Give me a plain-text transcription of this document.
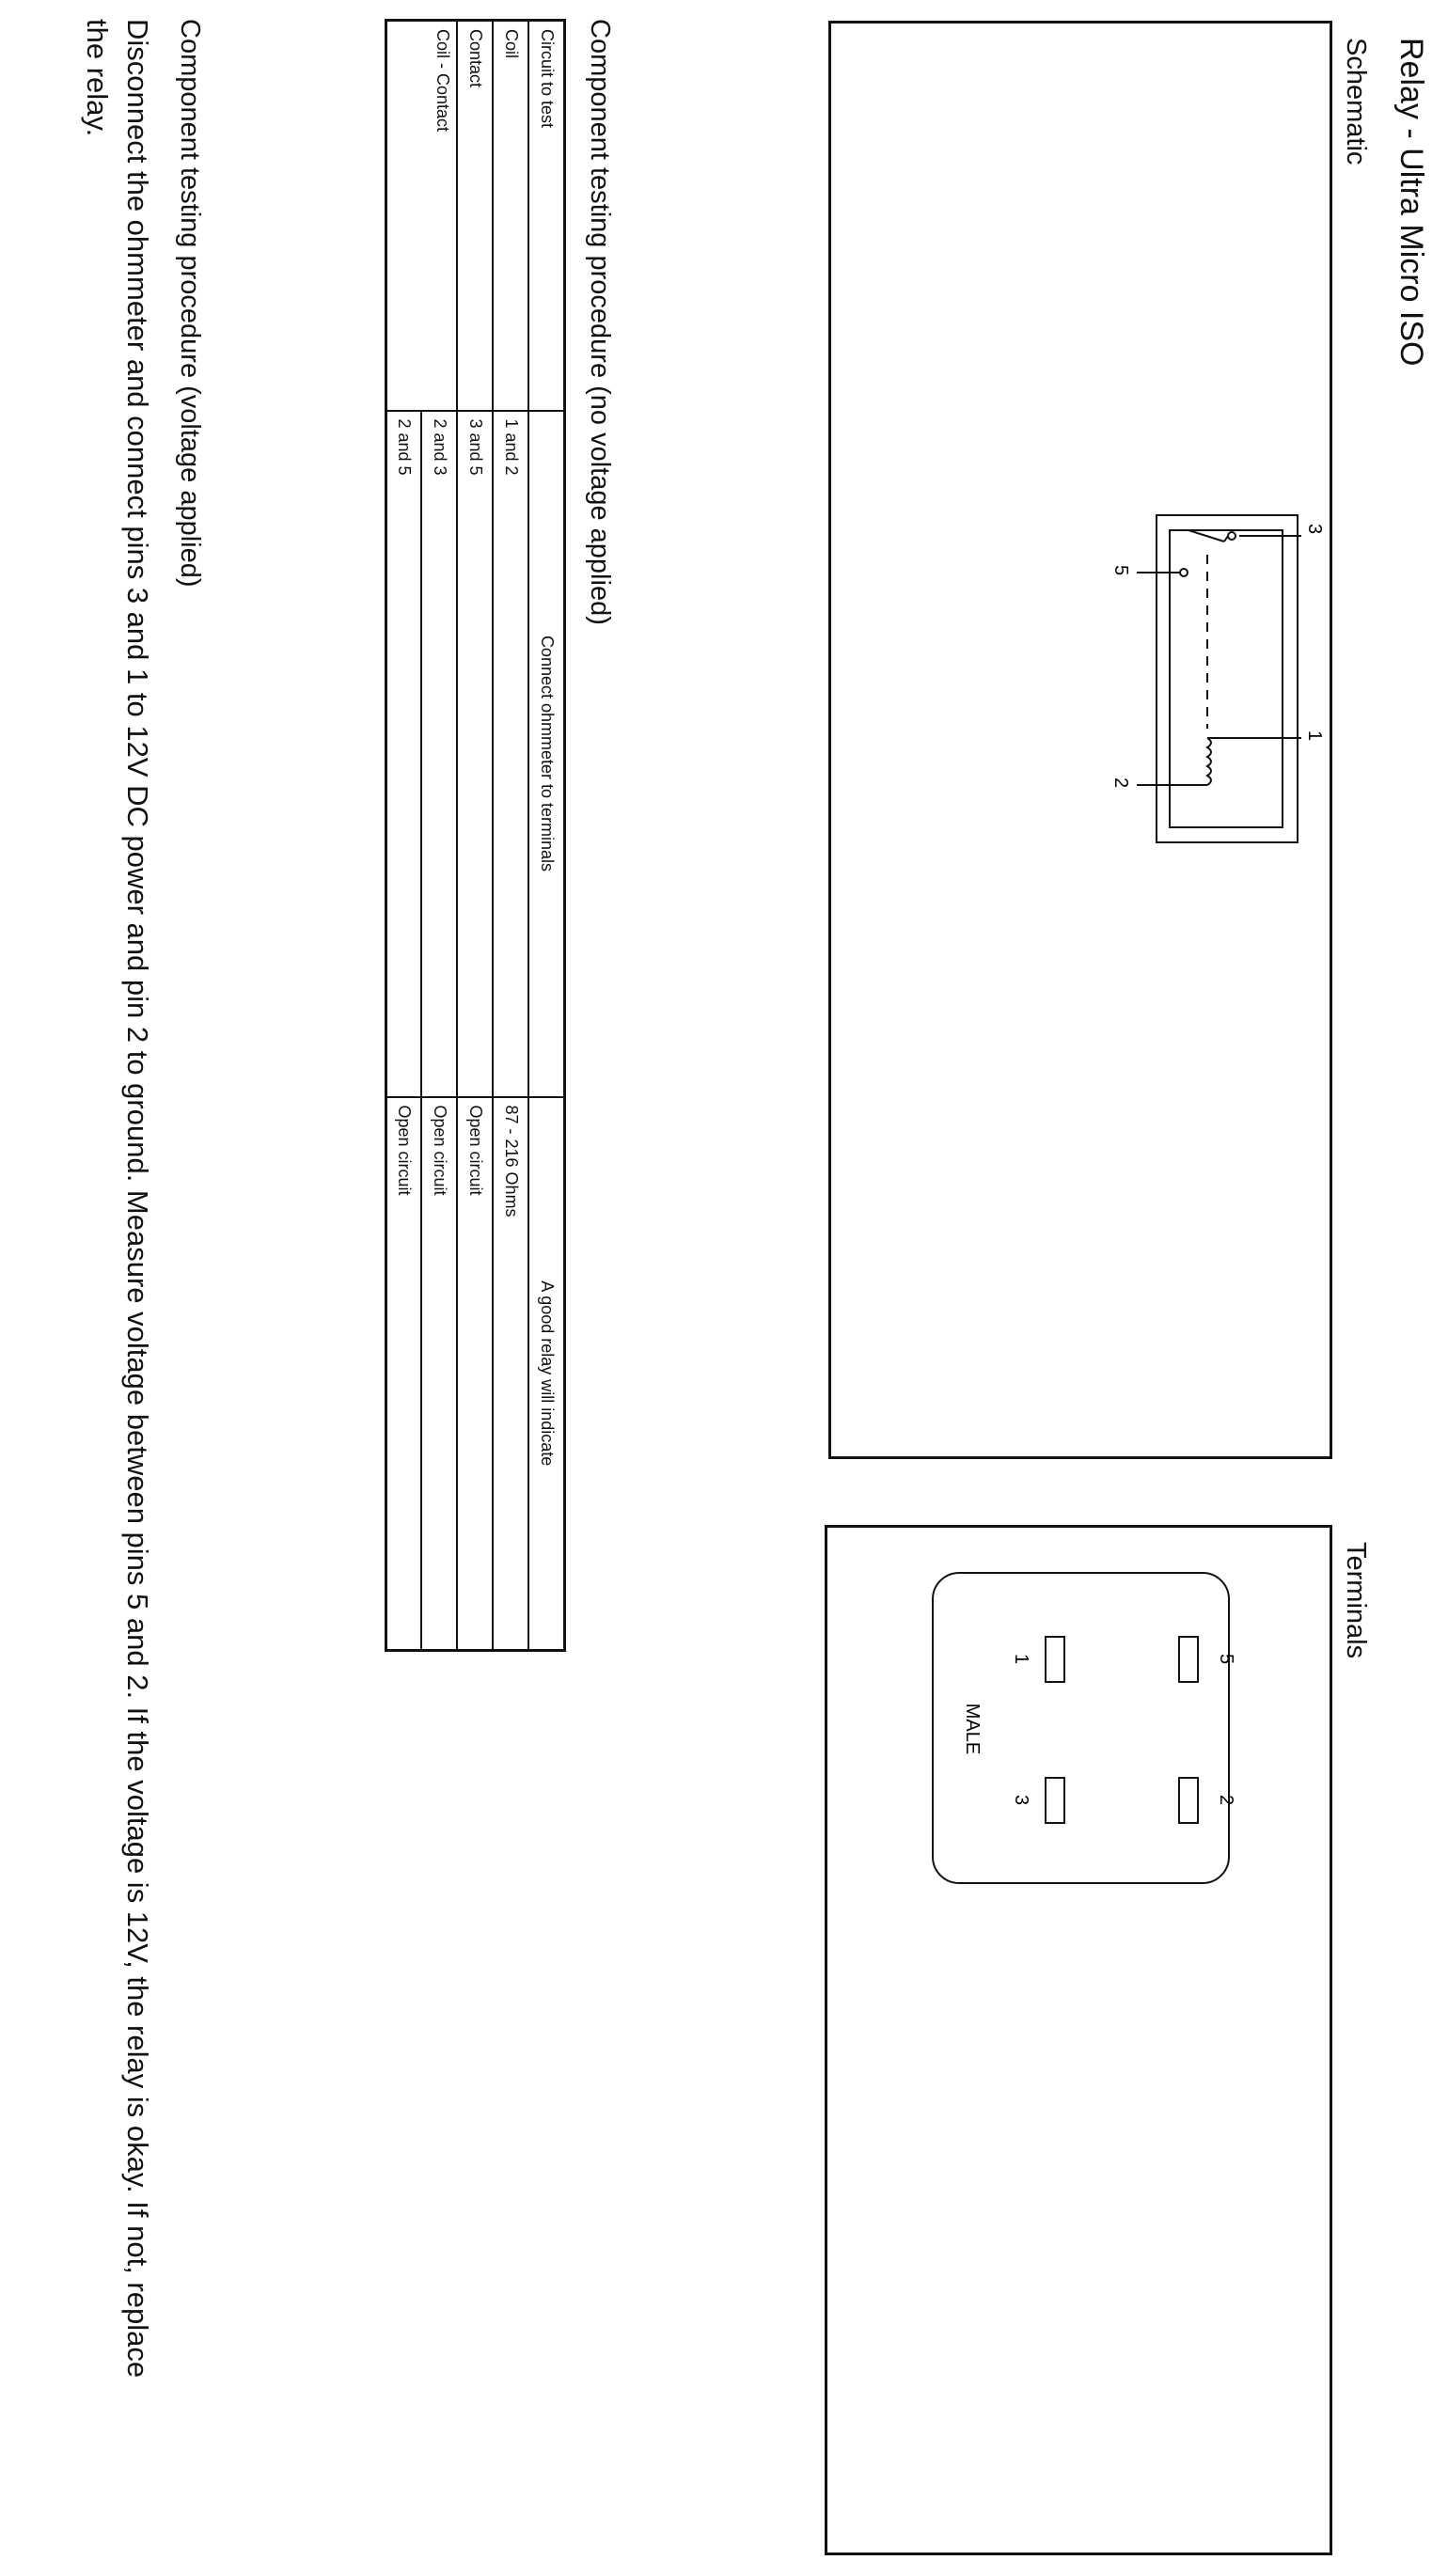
Relay - Ultra Micro ISO
Schematic
3
1
5
2
Terminals
5
2
1
3
MALE
Component testing procedure (no voltage applied)
Circuit to test	Connect ohmmeter to terminals	A good relay will indicate
Coil	1 and 2	87 - 216 Ohms
Contact	3 and 5	Open circuit
Coil - Contact	2 and 3	Open circuit
	2 and 5	Open circuit
Component testing procedure (voltage applied)
Disconnect the ohmmeter and connect pins 3 and 1 to 12V DC power and pin 2 to ground. Measure voltage between pins 5 and 2. If the voltage is 12V, the relay is okay. If not, replace the relay.
